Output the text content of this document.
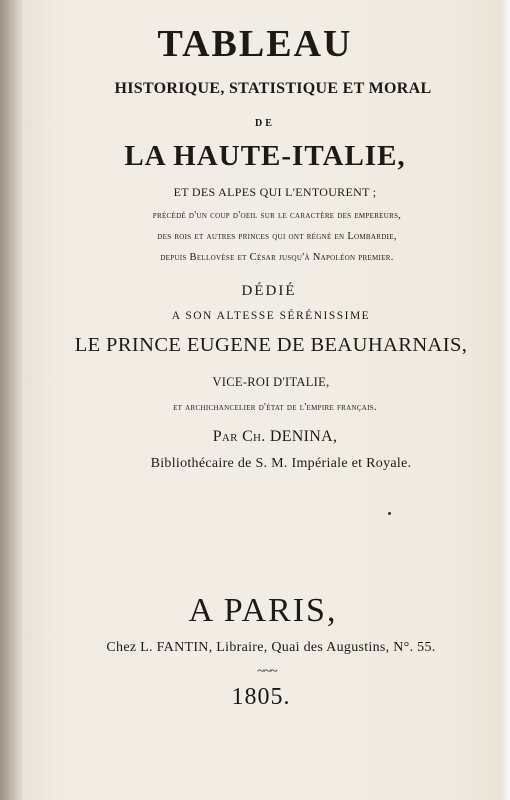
TABLEAU
HISTORIQUE, STATISTIQUE ET MORAL
DE
LA HAUTE-ITALIE,
ET DES ALPES QUI L'ENTOURENT ;
précédé d'un coup d'oeil sur le caractère des empereurs,
des rois et autres princes qui ont régné en Lombardie,
depuis Bellovèse et César jusqu'à Napoléon premier.
DÉDIÉ
A SON ALTESSE SÉRÉNISSIME
LE PRINCE EUGENE DE BEAUHARNAIS,
VICE-ROI D'ITALIE,
et archichancelier d'état de l'empire français.
Par Ch. DENINA,
Bibliothécaire de S. M. Impériale et Royale.
A PARIS,
Chez L. FANTIN, Libraire, Quai des Augustins, N°. 55.
~~~
1805.
